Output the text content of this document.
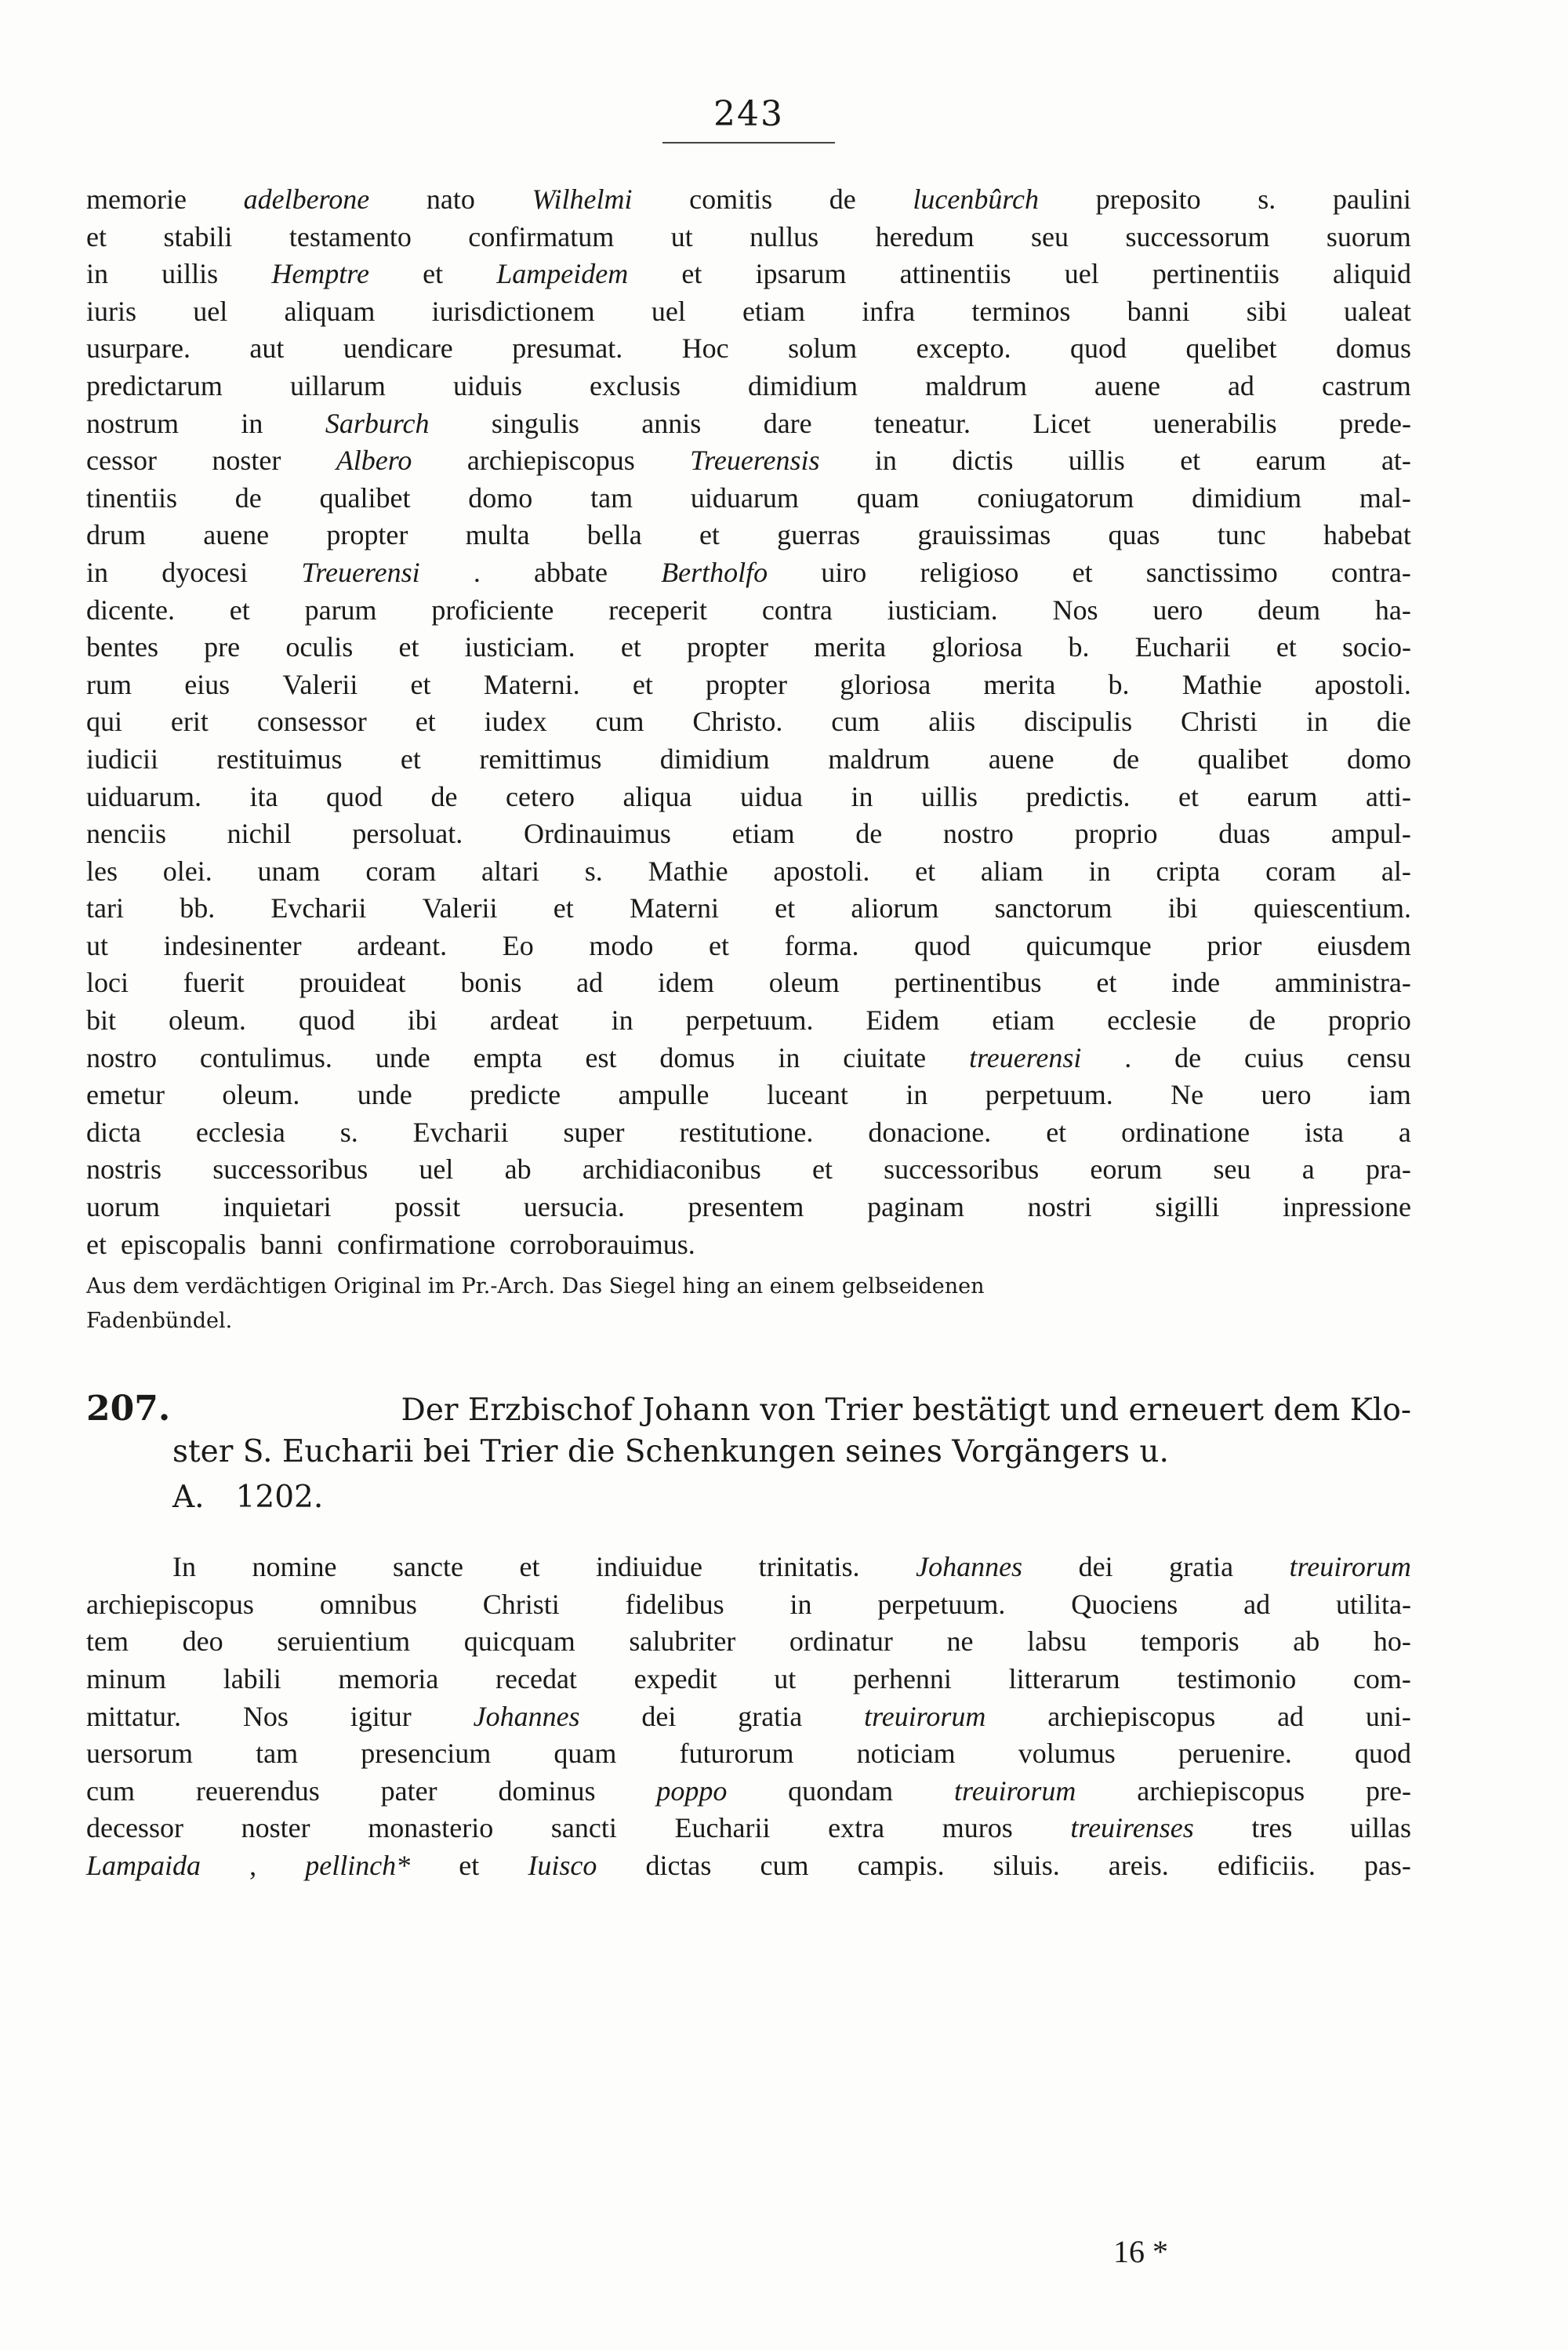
243
memorie adelberone nato Wilhelmi comitis de lucenbûrch preposito s. paulini
et stabili testamento confirmatum ut nullus heredum seu successorum suorum
in uillis Hemptre et Lampeidem et ipsarum attinentiis uel pertinentiis aliquid
iuris uel aliquam iurisdictionem uel etiam infra terminos banni sibi ualeat
usurpare. aut uendicare presumat. Hoc solum excepto. quod quelibet domus
predictarum uillarum uiduis exclusis dimidium maldrum auene ad castrum
nostrum in Sarburch singulis annis dare teneatur. Licet uenerabilis prede-
cessor noster Albero archiepiscopus Treuerensis in dictis uillis et earum at-
tinentiis de qualibet domo tam uiduarum quam coniugatorum dimidium mal-
drum auene propter multa bella et guerras grauissimas quas tunc habebat
in dyocesi Treuerensi . abbate Bertholfo uiro religioso et sanctissimo contra-
dicente. et parum proficiente receperit contra iusticiam. Nos uero deum ha-
bentes pre oculis et iusticiam. et propter merita gloriosa b. Eucharii et socio-
rum eius Valerii et Materni. et propter gloriosa merita b. Mathie apostoli.
qui erit consessor et iudex cum Christo. cum aliis discipulis Christi in die
iudicii restituimus et remittimus dimidium maldrum auene de qualibet domo
uiduarum. ita quod de cetero aliqua uidua in uillis predictis. et earum atti-
nenciis nichil persoluat. Ordinauimus etiam de nostro proprio duas ampul-
les olei. unam coram altari s. Mathie apostoli. et aliam in cripta coram al-
tari bb. Evcharii Valerii et Materni et aliorum sanctorum ibi quiescentium.
ut indesinenter ardeant. Eo modo et forma. quod quicumque prior eiusdem
loci fuerit prouideat bonis ad idem oleum pertinentibus et inde amministra-
bit oleum. quod ibi ardeat in perpetuum. Eidem etiam ecclesie de proprio
nostro contulimus. unde empta est domus in ciuitate treuerensi . de cuius censu
emetur oleum. unde predicte ampulle luceant in perpetuum. Ne uero iam
dicta ecclesia s. Evcharii super restitutione. donacione. et ordinatione ista a
nostris successoribus uel ab archidiaconibus et successoribus eorum seu a pra-
uorum inquietari possit uersucia. presentem paginam nostri sigilli inpressione
et episcopalis banni confirmatione corroborauimus.
Aus dem verdächtigen Original im Pr.-Arch. Das Siegel hing an einem gelbseidenen
Fadenbündel.
207.	Der Erzbischof Johann von Trier bestätigt und erneuert dem Klo-
ster S. Eucharii bei Trier die Schenkungen seines Vorgängers u.
A. 1202.
In nomine sancte et indiuidue trinitatis. Johannes dei gratia treuirorum
archiepiscopus omnibus Christi fidelibus in perpetuum. Quociens ad utilita-
tem deo seruientium quicquam salubriter ordinatur ne labsu temporis ab ho-
minum labili memoria recedat expedit ut perhenni litterarum testimonio com-
mittatur. Nos igitur Johannes dei gratia treuirorum archiepiscopus ad uni-
uersorum tam presencium quam futurorum noticiam volumus peruenire. quod
cum reuerendus pater dominus poppo quondam treuirorum archiepiscopus pre-
decessor noster monasterio sancti Eucharii extra muros treuirenses tres uillas
Lampaida , pellinch* et Iuisco dictas cum campis. siluis. areis. edificiis. pas-
16 *
